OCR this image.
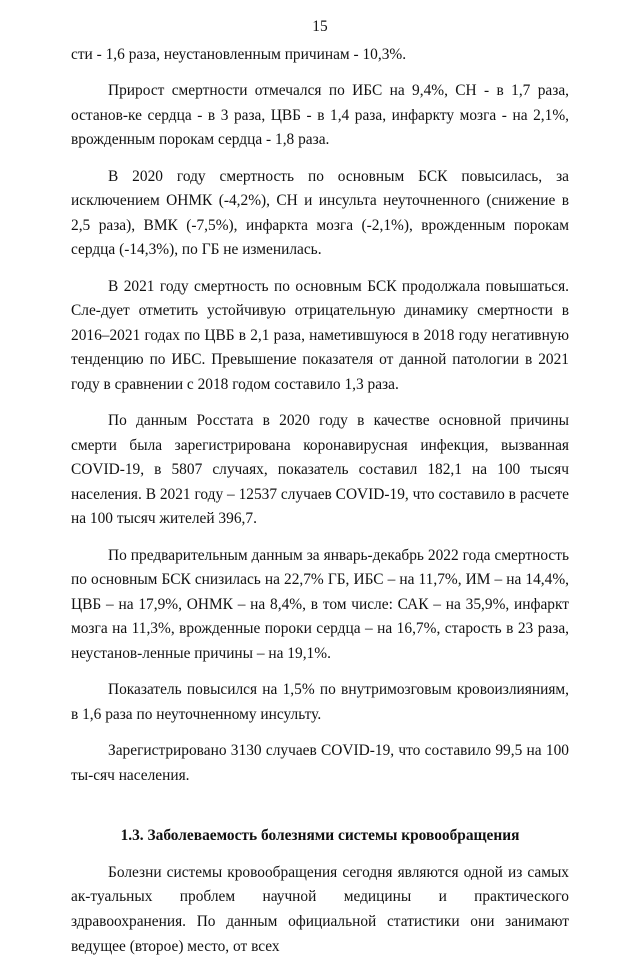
15

сти - 1,6 раза, неустановленным причинам - 10,3%.

Прирост смертности отмечался по ИБС на 9,4%, СН - в 1,7 раза, останов-ке сердца - в 3 раза, ЦВБ - в 1,4 раза, инфаркту мозга - на 2,1%, врожденным порокам сердца - 1,8 раза.

В 2020 году смертность по основным БСК повысилась, за исключением ОНМК (-4,2%), СН и инсульта неуточненного (снижение в 2,5 раза), ВМК (-7,5%), инфаркта мозга (-2,1%), врожденным порокам сердца (-14,3%), по ГБ не изменилась.

В 2021 году смертность по основным БСК продолжала повышаться. Сле-дует отметить устойчивую отрицательную динамику смертности в 2016–2021 годах по ЦВБ в 2,1 раза, наметившуюся в 2018 году негативную тенденцию по ИБС. Превышение показателя от данной патологии в 2021 году в сравнении с 2018 годом составило 1,3 раза.

По данным Росстата в 2020 году в качестве основной причины смерти была зарегистрирована коронавирусная инфекция, вызванная COVID-19, в 5807 случаях, показатель составил 182,1 на 100 тысяч населения. В 2021 году – 12537 случаев COVID-19, что составило в расчете на 100 тысяч жителей 396,7.

По предварительным данным за январь-декабрь 2022 года смертность по основным БСК снизилась на 22,7% ГБ, ИБС – на 11,7%, ИМ – на 14,4%, ЦВБ – на 17,9%, ОНМК – на 8,4%, в том числе: САК – на 35,9%, инфаркт мозга на 11,3%, врожденные пороки сердца – на 16,7%, старость в 23 раза, неустанов-ленные причины – на 19,1%.

Показатель повысился на 1,5% по внутримозговым кровоизлияниям, в 1,6 раза по неуточненному инсульту.

Зарегистрировано 3130 случаев COVID-19, что составило 99,5 на 100 ты-сяч населения.

1.3. Заболеваемость болезнями системы кровообращения

Болезни системы кровообращения сегодня являются одной из самых ак-туальных проблем научной медицины и практического здравоохранения. По данным официальной статистики они занимают ведущее (второе) место, от всех
